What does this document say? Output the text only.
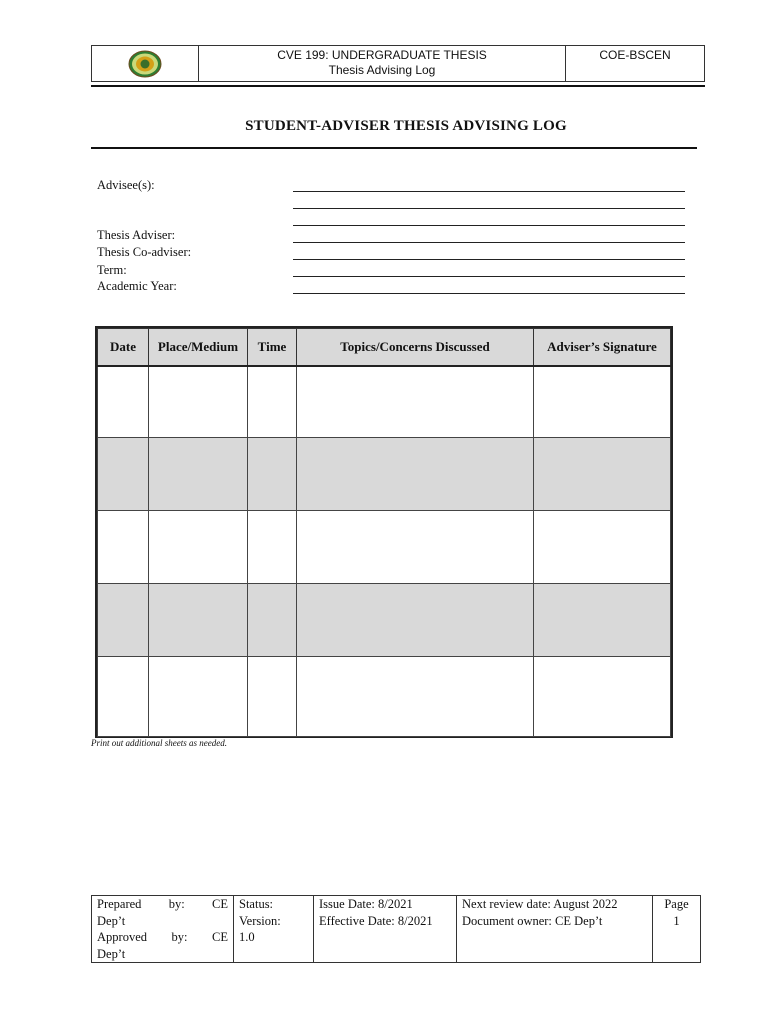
CVE 199: UNDERGRADUATE THESIS
Thesis Advising Log
COE-BSCEN
STUDENT-ADVISER THESIS ADVISING LOG
Advisee(s):
Thesis Adviser:
Thesis Co-adviser:
Term:
Academic Year:
Date	Place/Medium	Time	Topics/Concerns Discussed	Adviser’s Signature

Print out additional sheets as needed.
Prepared by: CE
Dep’t
Approved by: CE
Dep’t
Status:
Version:
1.0
Issue Date: 8/2021
Effective Date: 8/2021
Next review date: August 2022
Document owner: CE Dep’t
Page
1
